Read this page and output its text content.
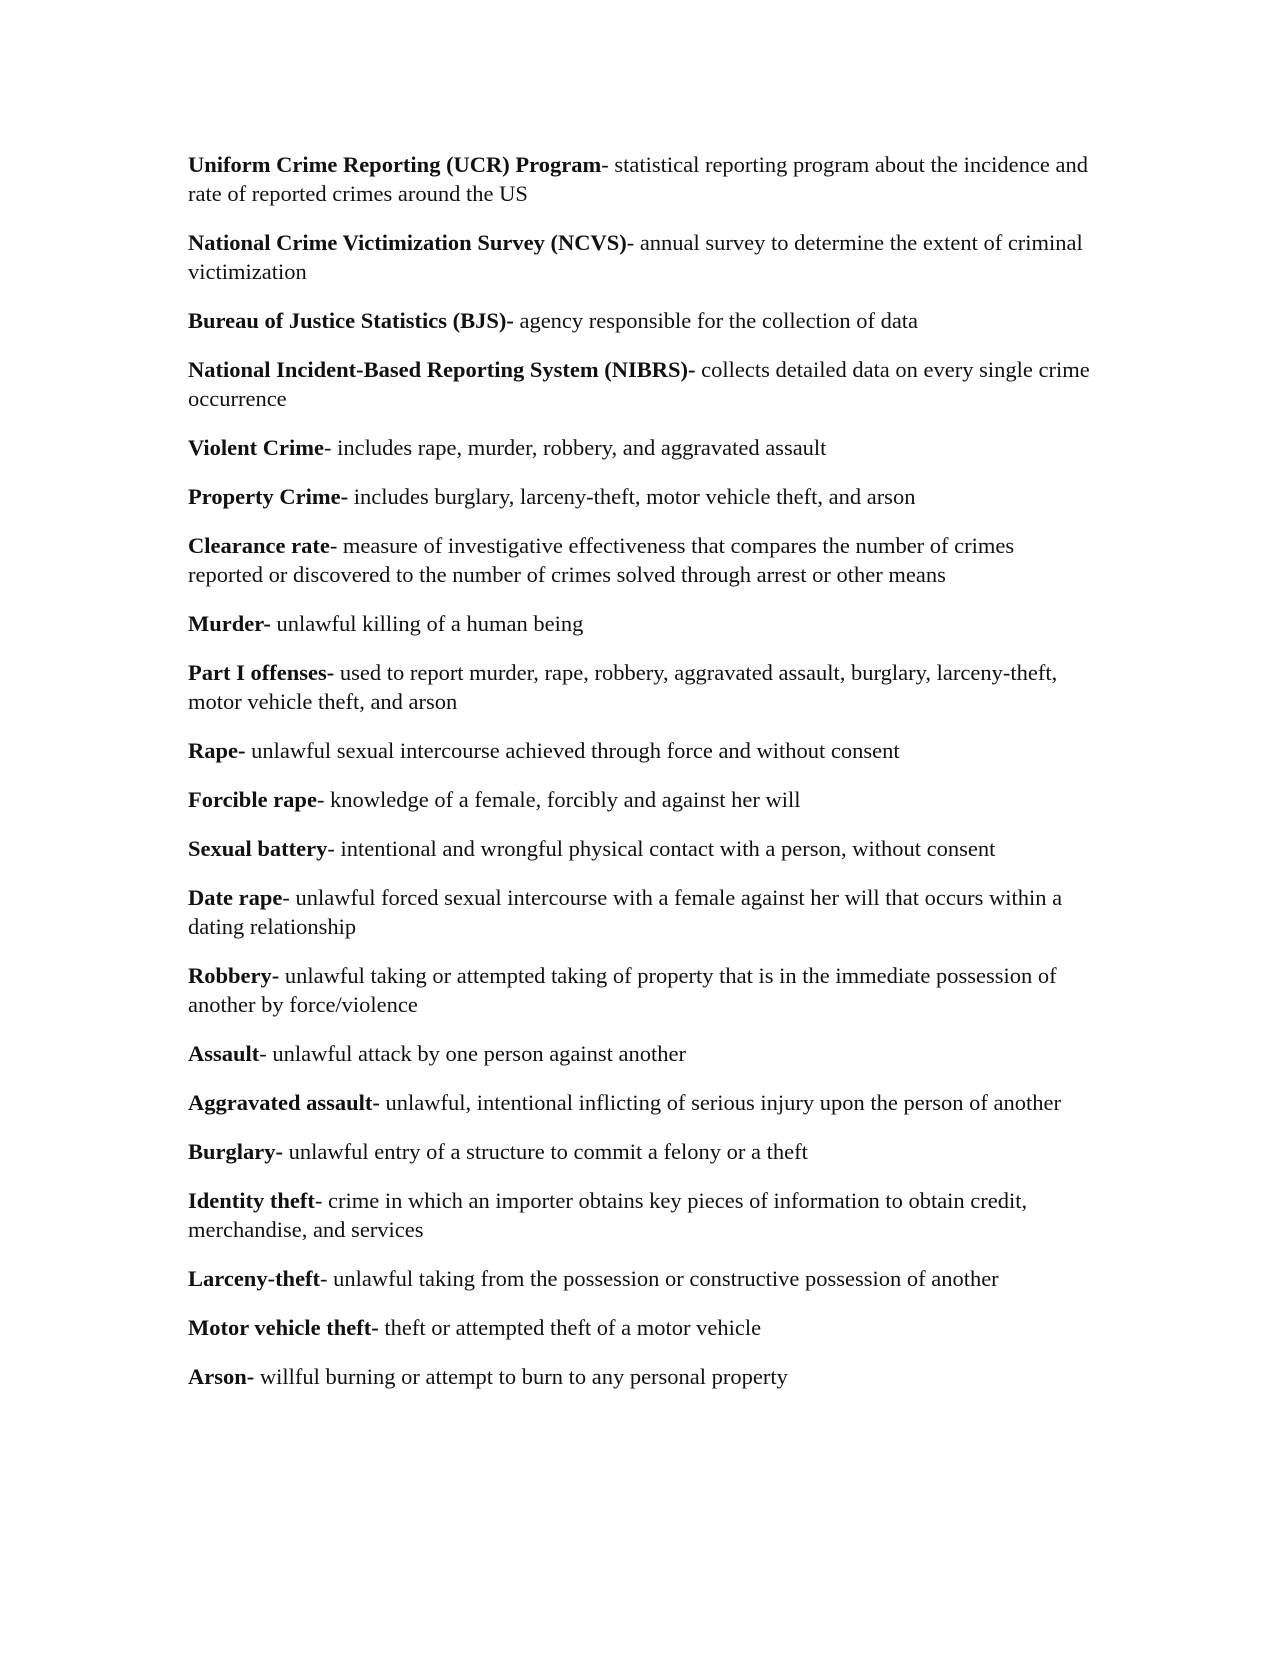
Uniform Crime Reporting (UCR) Program- statistical reporting program about the incidence and rate of reported crimes around the US

National Crime Victimization Survey (NCVS)- annual survey to determine the extent of criminal victimization

Bureau of Justice Statistics (BJS)- agency responsible for the collection of data

National Incident-Based Reporting System (NIBRS)- collects detailed data on every single crime occurrence

Violent Crime- includes rape, murder, robbery, and aggravated assault

Property Crime- includes burglary, larceny-theft, motor vehicle theft, and arson

Clearance rate- measure of investigative effectiveness that compares the number of crimes reported or discovered to the number of crimes solved through arrest or other means

Murder- unlawful killing of a human being

Part I offenses- used to report murder, rape, robbery, aggravated assault, burglary, larceny-theft, motor vehicle theft, and arson

Rape- unlawful sexual intercourse achieved through force and without consent

Forcible rape- knowledge of a female, forcibly and against her will

Sexual battery- intentional and wrongful physical contact with a person, without consent

Date rape- unlawful forced sexual intercourse with a female against her will that occurs within a dating relationship

Robbery- unlawful taking or attempted taking of property that is in the immediate possession of another by force/violence

Assault- unlawful attack by one person against another

Aggravated assault- unlawful, intentional inflicting of serious injury upon the person of another

Burglary- unlawful entry of a structure to commit a felony or a theft

Identity theft- crime in which an importer obtains key pieces of information to obtain credit, merchandise, and services

Larceny-theft- unlawful taking from the possession or constructive possession of another

Motor vehicle theft- theft or attempted theft of a motor vehicle

Arson- willful burning or attempt to burn to any personal property
